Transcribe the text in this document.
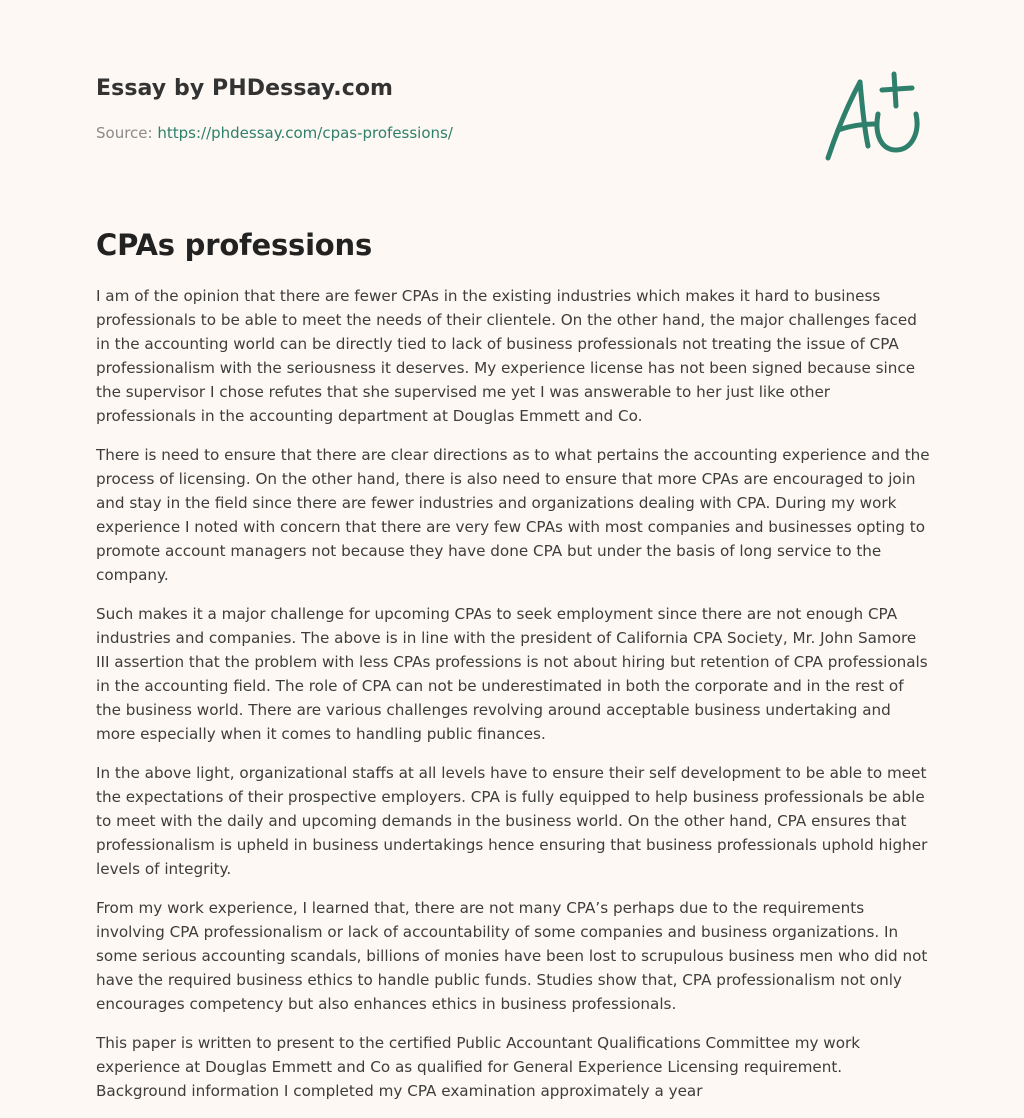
Essay by PHDessay.com
Source: https://phdessay.com/cpas-professions/
CPAs professions

I am of the opinion that there are fewer CPAs in the existing industries which makes it hard to business professionals to be able to meet the needs of their clientele. On the other hand, the major challenges faced in the accounting world can be directly tied to lack of business professionals not treating the issue of CPA professionalism with the seriousness it deserves. My experience license has not been signed because since the supervisor I chose refutes that she supervised me yet I was answerable to her just like other professionals in the accounting department at Douglas Emmett and Co.

There is need to ensure that there are clear directions as to what pertains the accounting experience and the process of licensing. On the other hand, there is also need to ensure that more CPAs are encouraged to join and stay in the field since there are fewer industries and organizations dealing with CPA. During my work experience I noted with concern that there are very few CPAs with most companies and businesses opting to promote account managers not because they have done CPA but under the basis of long service to the company.

Such makes it a major challenge for upcoming CPAs to seek employment since there are not enough CPA industries and companies. The above is in line with the president of California CPA Society, Mr. John Samore III assertion that the problem with less CPAs professions is not about hiring but retention of CPA professionals in the accounting field. The role of CPA can not be underestimated in both the corporate and in the rest of the business world. There are various challenges revolving around acceptable business undertaking and more especially when it comes to handling public finances.

In the above light, organizational staffs at all levels have to ensure their self development to be able to meet the expectations of their prospective employers. CPA is fully equipped to help business professionals be able to meet with the daily and upcoming demands in the business world. On the other hand, CPA ensures that professionalism is upheld in business undertakings hence ensuring that business professionals uphold higher levels of integrity.

From my work experience, I learned that, there are not many CPA’s perhaps due to the requirements involving CPA professionalism or lack of accountability of some companies and business organizations. In some serious accounting scandals, billions of monies have been lost to scrupulous business men who did not have the required business ethics to handle public funds. Studies show that, CPA professionalism not only encourages competency but also enhances ethics in business professionals.

This paper is written to present to the certified Public Accountant Qualifications Committee my work experience at Douglas Emmett and Co as qualified for General Experience Licensing requirement. Background information I completed my CPA examination approximately a year
